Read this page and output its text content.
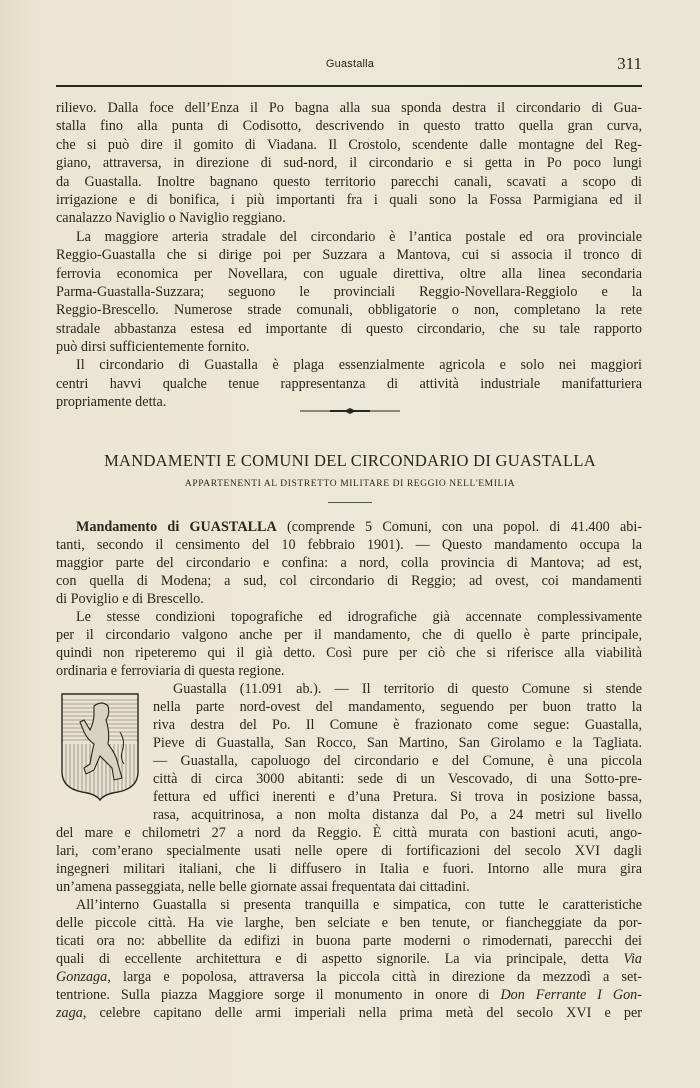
Guastalla	311
rilievo. Dalla foce dell’Enza il Po bagna alla sua sponda destra il circondario di Gua-
stalla fino alla punta di Codisotto, descrivendo in questo tratto quella gran curva,
che si può dire il gomito di Viadana. Il Crostolo, scendente dalle montagne del Reg-
giano, attraversa, in direzione di sud-nord, il circondario e si getta in Po poco lungi
da Guastalla. Inoltre bagnano questo territorio parecchi canali, scavati a scopo di
irrigazione e di bonifica, i più importanti fra i quali sono la Fossa Parmigiana ed il
canalazzo Naviglio o Naviglio reggiano.
La maggiore arteria stradale del circondario è l’antica postale ed ora provinciale
Reggio-Guastalla che si dirige poi per Suzzara a Mantova, cui si associa il tronco di
ferrovia economica per Novellara, con uguale direttiva, oltre alla linea secondaria
Parma-Guastalla-Suzzara; seguono le provinciali Reggio-Novellara-Reggiolo e la
Reggio-Brescello. Numerose strade comunali, obbligatorie o non, completano la rete
stradale abbastanza estesa ed importante di questo circondario, che su tale rapporto
può dirsi sufficientemente fornito.
Il circondario di Guastalla è plaga essenzialmente agricola e solo nei maggiori
centri havvi qualche tenue rappresentanza di attività industriale manifatturiera
propriamente detta.
MANDAMENTI E COMUNI DEL CIRCONDARIO DI GUASTALLA
APPARTENENTI AL DISTRETTO MILITARE DI REGGIO NELL'EMILIA
Mandamento di GUASTALLA (comprende 5 Comuni, con una popol. di 41.400 abi-
tanti, secondo il censimento del 10 febbraio 1901). — Questo mandamento occupa la
maggior parte del circondario e confina: a nord, colla provincia di Mantova; ad est,
con quella di Modena; a sud, col circondario di Reggio; ad ovest, coi mandamenti
di Poviglio e di Brescello.
Le stesse condizioni topografiche ed idrografiche già accennate complessivamente
per il circondario valgono anche per il mandamento, che di quello è parte principale,
quindi non ripeteremo qui il già detto. Così pure per ciò che si riferisce alla viabilità
ordinaria e ferroviaria di questa regione.
Guastalla (11.091 ab.). — Il territorio di questo Comune si stende
nella parte nord-ovest del mandamento, seguendo per buon tratto la
riva destra del Po. Il Comune è frazionato come segue: Guastalla,
Pieve di Guastalla, San Rocco, San Martino, San Girolamo e la Tagliata.
— Guastalla, capoluogo del circondario e del Comune, è una piccola
città di circa 3000 abitanti: sede di un Vescovado, di una Sotto-pre-
fettura ed uffici inerenti e d’una Pretura. Si trova in posizione bassa,
rasa, acquitrinosa, a non molta distanza dal Po, a 24 metri sul livello
del mare e chilometri 27 a nord da Reggio. È città murata con bastioni acuti, ango-
lari, com’erano specialmente usati nelle opere di fortificazioni del secolo XVI dagli
ingegneri militari italiani, che li diffusero in Italia e fuori. Intorno alle mura gira
un’amena passeggiata, nelle belle giornate assai frequentata dai cittadini.
All’interno Guastalla si presenta tranquilla e simpatica, con tutte le caratteristiche
delle piccole città. Ha vie larghe, ben selciate e ben tenute, or fiancheggiate da por-
ticati ora no: abbellite da edifizi in buona parte moderni o rimodernati, parecchi dei
quali di eccellente architettura e di aspetto signorile. La via principale, detta Via
Gonzaga, larga e popolosa, attraversa la piccola città in direzione da mezzodì a set-
tentrione. Sulla piazza Maggiore sorge il monumento in onore di Don Ferrante I Gon-
zaga, celebre capitano delle armi imperiali nella prima metà del secolo XVI e per
